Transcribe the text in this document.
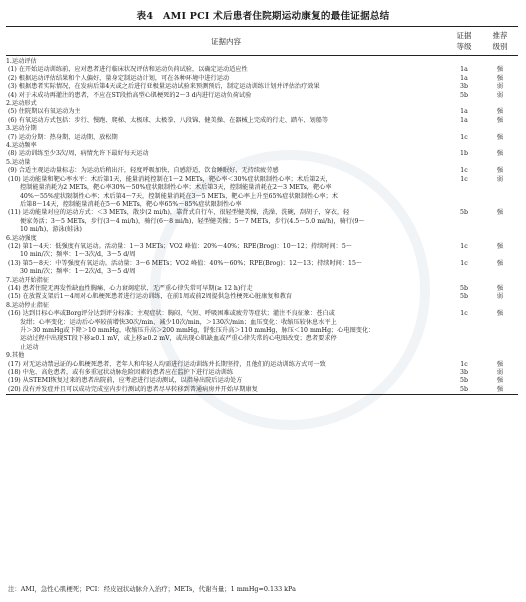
表4　AMI PCI 术后患者住院期运动康复的最佳证据总结
证据内容
证据
等级
推荐
级别
1.运动评估
(1) 在开始运动训练前，应对患者进行临床状况评估和运动负荷试验，以确定运动适应性	1a	强
(2) 根据运动评估结果和个人偏好，量身定制运动计划，可在各种环境中进行运动	1a	强
(3) 根据患者实际情况，在发病后第4天或之后进行亚极量运动试验来预测预后，制定运动训练计划并评估治疗效果	3b	弱
(4) 对于未成功再灌注的患者，不应在ST段抬高型心肌梗死的2～3 d内进行运动负荷试验	5b	弱
2.运动形式
(5) 住院期以有氧运动为主	1a	强
(6) 有氧运动方式包括：步行、慢跑、爬梯、太极球、太极拳、八段锦、健美操、在器械上完成的行走、踏车、划船等	1a	强
3.运动分期
(7) 运动分期：热身期、运动期、放松期	1c	强
4.运动频率
(8) 运动训练至少3次/周，病情允许下最好每天运动	1b	强
5.运动量
(9) 合适主观运动量标志：为运动后稍出汗，轻度呼吸加快，自感舒适，饮食睡眠好，无持续疲劳感	1c	强
(10) 运动能量和靶心率水平：术后第1天，能量消耗控制在1～2 METs，靶心率＜30%症状限制性心率；术后第2天，	1c	弱
控制能量消耗为2 METs，靶心率30%～50%症状限制性心率；术后第3天，控制能量消耗在2～3 METs，靶心率
40%～55%症状限制性心率；术后第4～7天，控制能量消耗在3～5 METs，靶心率上升至65%症状限制性心率；术
后第8～14天，控制能量消耗在5～6 METs，靶心率65%～85%症状限制性心率
(11) 运动能量对应的运动方式：＜3 METs，散步(2 mi/h)，靠背式自行车，很轻型健美操，洗澡，洗碗，刮胡子，穿衣，轻	5b	强
便家务活；3～5 METs，步行(3～4 mi/h)，骑行(6～8 mi/h)，轻型健美操；5～7 METs，步行(4.5～5.0 mi/h)，骑行(9～
10 mi/h)，游泳(蛙泳)
6.运动强度
(12) 第1～4天：低强度有氧运动。活动量：1～3 METs；VO2 峰值：20%～40%；RPE(Brog)：10～12；持续时间：5～	1c	强
10 min/次；频率：1～3次/d，3～5 d/周
(13) 第5～8天：中等强度有氧运动。活动量：3～6 METs；VO2 峰值：40%～60%；RPE(Brog)：12～13；持续时间：15～	1c	强
30 min/次；频率：1～2次/d，3～5 d/周
7.运动开始指征
(14) 患者住院无再发性缺血性胸痛、心力衰竭症状、无严重心律失常可早期(≥ 12 h)行走	5b	强
(15) 在放置支架后1～4周对心肌梗死患者进行运动训练，在前1周或前2周提供急性梗死心脏康复和教育	5b	弱
8.运动停止指征
(16) 达到目标心率或Borg评分达到评分标准；主观症状：胸闷、气短、呼吸困难或疲劳等症状；灌注不良征象：苍白或	1c	强
发绀；心率变化：运动后心率较前增快30次/min，减少10次/min，＞130次/min；血压变化：收缩压较休息水平上
升＞30 mmHg或下降＞10 mmHg，收缩压升高＞200 mmHg，舒张压升高＞110 mmHg，脉压＜10 mmHg；心电图变化：
运动过程中出现ST段下移≥0.1 mV，或上移≥0.2 mV，或出现心肌缺血或严重心律失常的心电图改变；患者要求停
止运动
9.其他
(17) 对无运动禁忌证的心肌梗死患者、老年人和年轻人均需进行运动训练并长期坚持，且他们的运动训练方式可一致	1c	强
(18) 中危、高危患者，或有多重冠状动脉危险因素的患者应在监护下进行运动训练	3b	弱
(19) 从STEMI恢复过来的患者出院前，应考虑进行运动测试，以指导出院后运动处方	5b	强
(20) 没有并发症并且可以成功完成室内步行测试的患者尽早转移到普通病房并开始早期康复	5b	强
注：AMI，急性心肌梗死；PCI：经皮冠状动脉介入治疗；METs，代谢当量；1 mmHg=0.133 kPa
